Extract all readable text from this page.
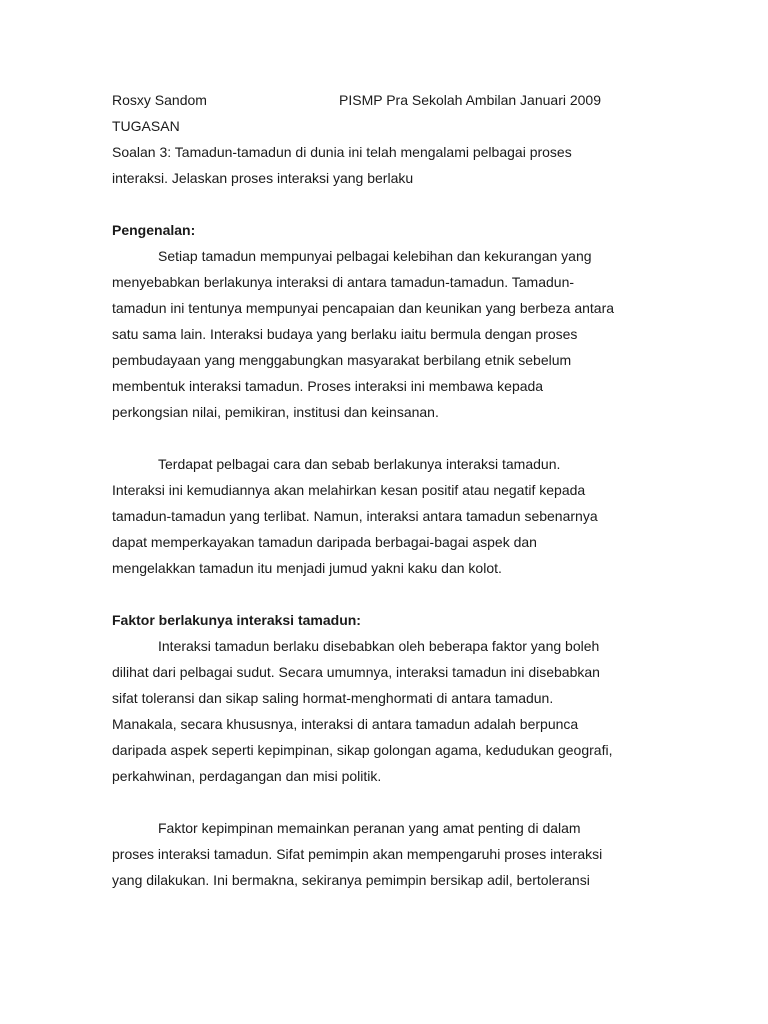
Rosxy Sandom	PISMP Pra Sekolah Ambilan Januari 2009
TUGASAN
Soalan 3: Tamadun-tamadun di dunia ini telah mengalami pelbagai proses
interaksi. Jelaskan proses interaksi yang berlaku
Pengenalan:
Setiap tamadun mempunyai pelbagai kelebihan dan kekurangan yang
menyebabkan berlakunya interaksi di antara tamadun-tamadun. Tamadun-
tamadun ini tentunya mempunyai pencapaian dan keunikan yang berbeza antara
satu sama lain. Interaksi budaya yang berlaku iaitu bermula dengan proses
pembudayaan yang menggabungkan masyarakat berbilang etnik sebelum
membentuk interaksi tamadun. Proses interaksi ini membawa kepada
perkongsian nilai, pemikiran, institusi dan keinsanan.
Terdapat pelbagai cara dan sebab berlakunya interaksi tamadun.
Interaksi ini kemudiannya akan melahirkan kesan positif atau negatif kepada
tamadun-tamadun yang terlibat. Namun, interaksi antara tamadun sebenarnya
dapat memperkayakan tamadun daripada berbagai-bagai aspek dan
mengelakkan tamadun itu menjadi jumud yakni kaku dan kolot.
Faktor berlakunya interaksi tamadun:
Interaksi tamadun berlaku disebabkan oleh beberapa faktor yang boleh
dilihat dari pelbagai sudut. Secara umumnya, interaksi tamadun ini disebabkan
sifat toleransi dan sikap saling hormat-menghormati di antara tamadun.
Manakala, secara khususnya, interaksi di antara tamadun adalah berpunca
daripada aspek seperti kepimpinan, sikap golongan agama, kedudukan geografi,
perkahwinan, perdagangan dan misi politik.
Faktor kepimpinan memainkan peranan yang amat penting di dalam
proses interaksi tamadun. Sifat pemimpin akan mempengaruhi proses interaksi
yang dilakukan. Ini bermakna, sekiranya pemimpin bersikap adil, bertoleransi
